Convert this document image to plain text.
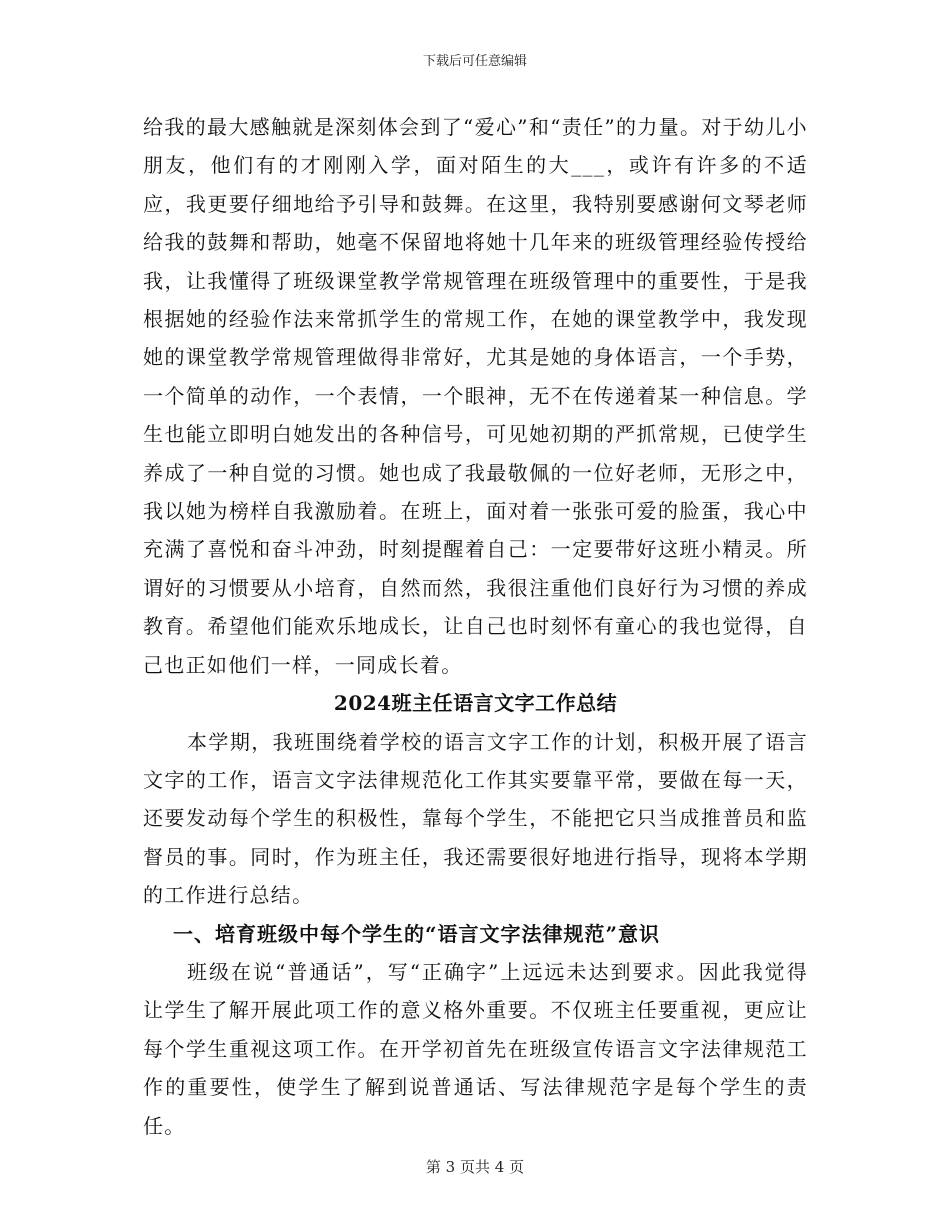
下载后可任意编辑

给我的最大感触就是深刻体会到了“爱心”和“责任”的力量。对于幼儿小朋友，他们有的才刚刚入学，面对陌生的大___，或许有许多的不适应，我更要仔细地给予引导和鼓舞。在这里，我特别要感谢何文琴老师给我的鼓舞和帮助，她毫不保留地将她十几年来的班级管理经验传授给我，让我懂得了班级课堂教学常规管理在班级管理中的重要性，于是我根据她的经验作法来常抓学生的常规工作，在她的课堂教学中，我发现她的课堂教学常规管理做得非常好，尤其是她的身体语言，一个手势，一个简单的动作，一个表情，一个眼神，无不在传递着某一种信息。学生也能立即明白她发出的各种信号，可见她初期的严抓常规，已使学生养成了一种自觉的习惯。她也成了我最敬佩的一位好老师，无形之中，我以她为榜样自我激励着。在班上，面对着一张张可爱的脸蛋，我心中充满了喜悦和奋斗冲劲，时刻提醒着自己：一定要带好这班小精灵。所谓好的习惯要从小培育，自然而然，我很注重他们良好行为习惯的养成教育。希望他们能欢乐地成长，让自己也时刻怀有童心的我也觉得，自己也正如他们一样，一同成长着。

2024班主任语言文字工作总结

本学期，我班围绕着学校的语言文字工作的计划，积极开展了语言文字的工作，语言文字法律规范化工作其实要靠平常，要做在每一天，还要发动每个学生的积极性，靠每个学生，不能把它只当成推普员和监督员的事。同时，作为班主任，我还需要很好地进行指导，现将本学期的工作进行总结。

一、培育班级中每个学生的“语言文字法律规范”意识

班级在说“普通话”，写“正确字”上远远未达到要求。因此我觉得让学生了解开展此项工作的意义格外重要。不仅班主任要重视，更应让每个学生重视这项工作。在开学初首先在班级宣传语言文字法律规范工作的重要性，使学生了解到说普通话、写法律规范字是每个学生的责任。

第 3 页共 4 页
